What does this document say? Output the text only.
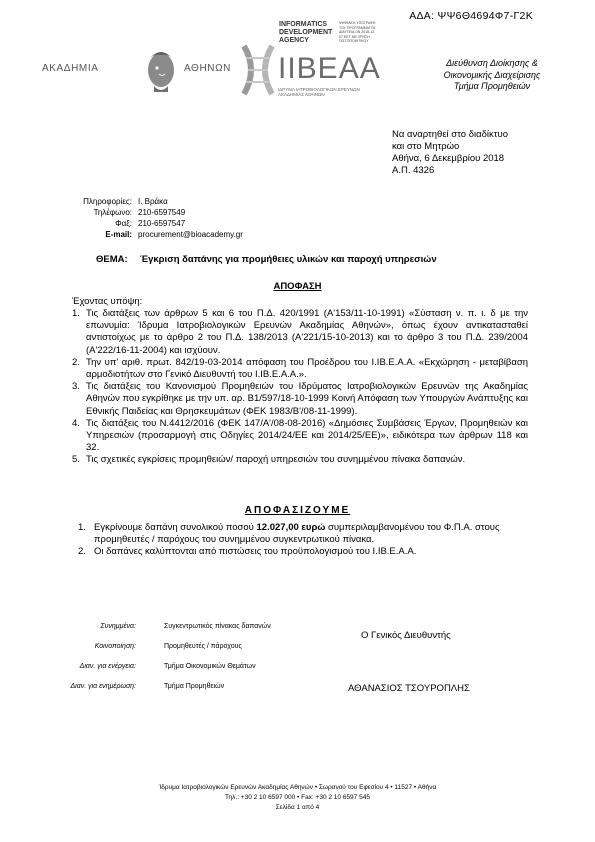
ΑΔΑ: ΨΨ6Θ4694Φ7-Γ2Κ
ΑΚΑΔΗΜΙΑ	ΑΘΗΝΩΝ
INFORMATICS
DEVELOPMENT
AGENCY
ΨΗΦΙΑΚΗ ΥΠΟΓΡΑΦΗ ΤΟΥ ΠΡΟΓΡΑΜΜΑΤΟΣ ΔΙΑΥΓΕΙΑ ΟΝ 2018-12-07 ΕΕΤ ΜΕ ΧΡΗΣΗ ΠΙΣΤΟΠΟΙΗΤΙΚΟΥ
ΙΙΒΕΑΑ
ΙΔΡΥΜΑ ΙΑΤΡΟΒΙΟΛΟΓΙΚΩΝ ΕΡΕΥΝΩΝ ΑΚΑΔΗΜΙΑΣ ΑΘΗΝΩΝ
Διεύθυνση Διοίκησης &
Οικονομικής Διαχείρισης
Τμήμα Προμηθειών
Να αναρτηθεί στο διαδίκτυο
και στο Μητρώο
Αθήνα, 6 Δεκεμβρίου 2018
Α.Π. 4326
Πληροφορίες: Ι. Βράκα
Τηλέφωνο: 210-6597549
Φαξ: 210-6597547
E-mail: procurement@bioacademy.gr
ΘΕΜΑ: Έγκριση δαπάνης για προμήθειες υλικών και παροχή υπηρεσιών
ΑΠΟΦΑΣΗ
Έχοντας υπόψη:
1. Τις διατάξεις των άρθρων 5 και 6 του Π.Δ. 420/1991 (Α'153/11-10-1991) «Σύσταση ν. π. ι. δ με την επωνυμία: Ίδρυμα Ιατροβιολογικών Ερευνών Ακαδημίας Αθηνών», όπως έχουν αντικατασταθεί αντιστοίχως με το άρθρο 2 του Π.Δ. 138/2013 (Α'221/15-10-2013) και το άρθρο 3 του Π.Δ. 239/2004 (Α'222/16-11-2004) και ισχύουν.
2. Την υπ' αριθ. πρωτ. 842/19-03-2014 απόφαση του Προέδρου του Ι.ΙΒ.Ε.Α.Α. «Εκχώρηση - μεταβίβαση αρμοδιοτήτων στο Γενικό Διευθυντή του Ι.ΙΒ.Ε.Α.Α.».
3. Τις διατάξεις του Κανονισμού Προμηθειών του Ιδρύματος Ιατροβιολογικών Ερευνών της Ακαδημίας Αθηνών που εγκρίθηκε με την υπ. αρ. Β1/597/18-10-1999 Κοινή Απόφαση των Υπουργών Ανάπτυξης και Εθνικής Παιδείας και Θρησκευμάτων (ΦΕΚ 1983/Β'/08-11-1999).
4. Τις διατάξεις του Ν.4412/2016 (ΦΕΚ 147/Α'/08-08-2016) «Δημόσιες Συμβάσεις Έργων, Προμηθειών και Υπηρεσιών (προσαρμογή στις Οδηγίες 2014/24/ΕΕ και 2014/25/ΕΕ)», ειδικότερα των άρθρων 118 και 32.
5. Τις σχετικές εγκρίσεις προμηθειών/ παροχή υπηρεσιών του συνημμένου πίνακα δαπανών.
ΑΠΟΦΑΣΙΖΟΥΜΕ
1. Εγκρίνουμε δαπάνη συνολικού ποσού 12.027,00 ευρώ συμπεριλαμβανομένου του Φ.Π.Α. στους προμηθευτές / παρόχους του συνημμένου συγκεντρωτικού πίνακα.
2. Οι δαπάνες καλύπτονται από πιστώσεις του προϋπολογισμού του Ι.ΙΒ.Ε.Α.Α.
Συνημμένα:	Συγκεντρωτικός πίνακας δαπανών
Κοινοποίηση:	Προμηθευτές / πάροχους
Διαν. για ενέργεια:	Τμήμα Οικονομικών Θεμάτων
Διαν. για ενημέρωση:	Τμήμα Προμηθειών
Ο Γενικός Διευθυντής
ΑΘΑΝΑΣΙΟΣ ΤΣΟΥΡΟΠΛΗΣ
Ίδρυμα Ιατροβιολογικών Ερευνών Ακαδημίας Αθηνών • Σωρανού του Εφεσίου 4 • 11527 • Αθήνα
Τηλ.: +30 2 10 6597 000 • Fax: +30 2 10 6597 545
Σελίδα 1 από 4
